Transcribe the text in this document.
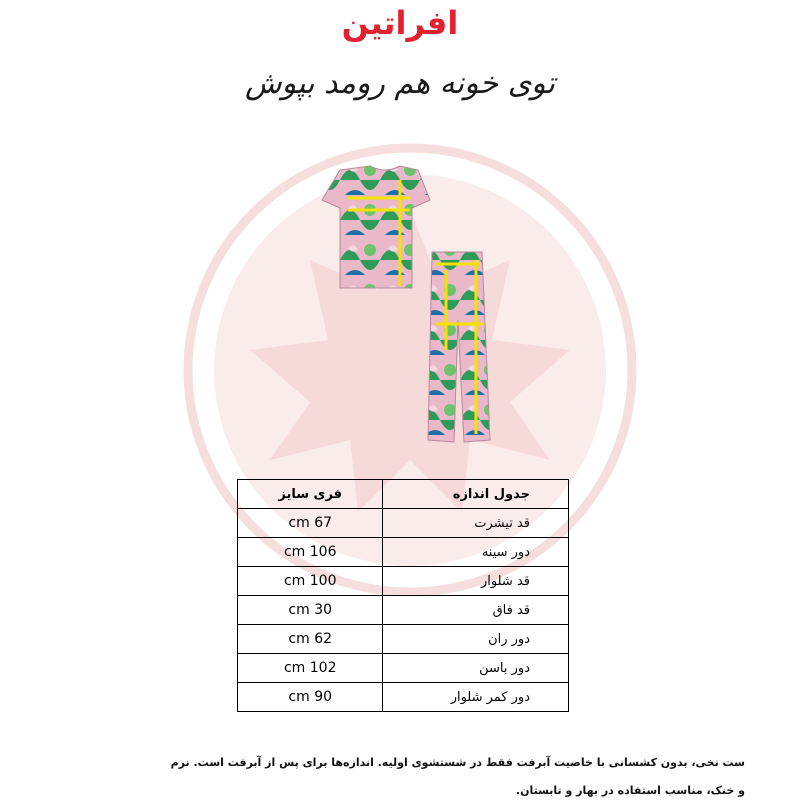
افراتین
توی خونه هم رومد بپوش
جدول اندازه	فری سایز
قد تیشرت	67 cm
دور سینه	106 cm
قد شلوار	100 cm
قد فاق	30 cm
دور ران	62 cm
دور باسن	102 cm
دور کمر شلوار	90 cm
ست نخی، بدون کشسانی با خاصیت آبرفت فقط در شستشوی اولیه. اندازه‌ها برای پس از آبرفت است. نرم
و خنک، مناسب استفاده در بهار و تابستان.
